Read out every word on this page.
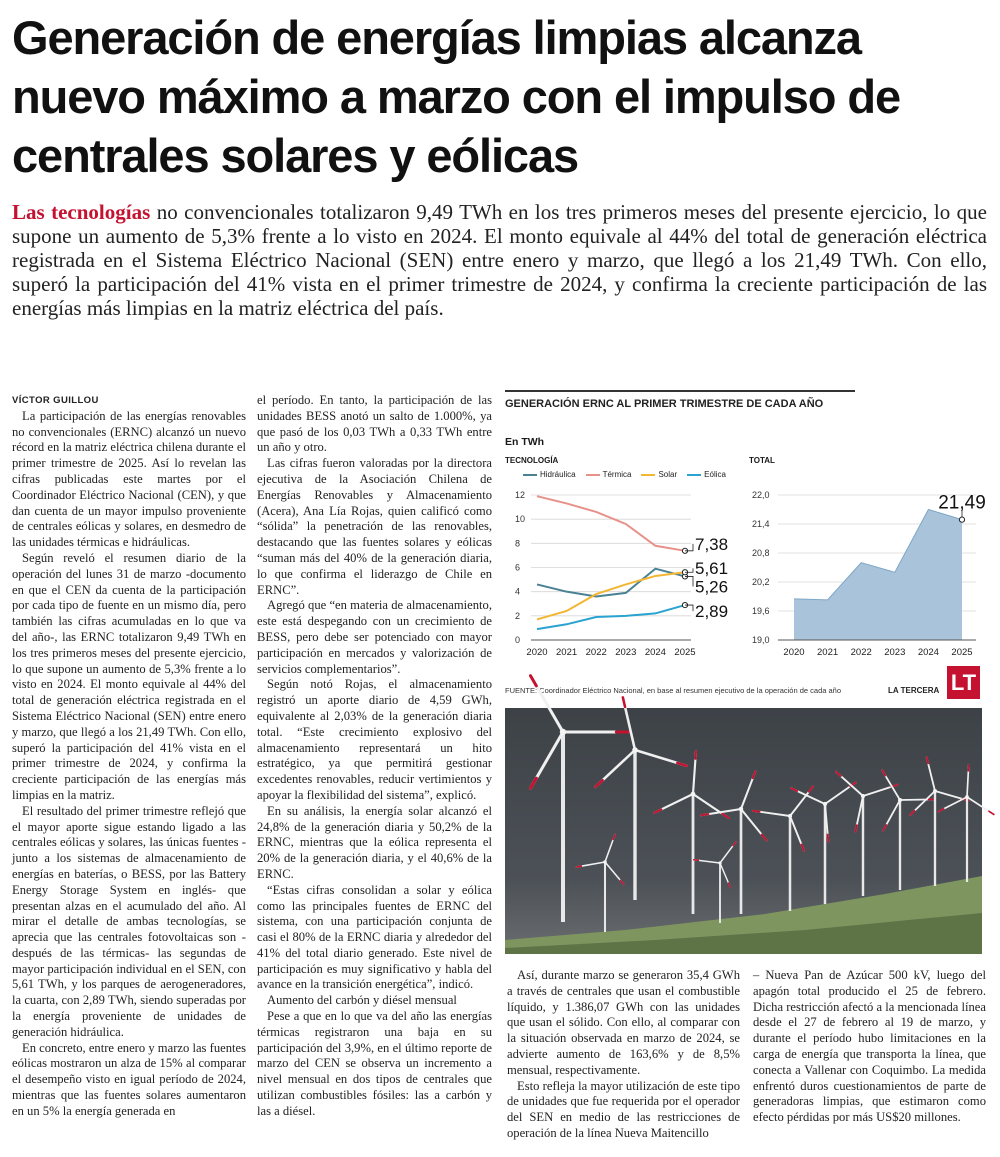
Generación de energías limpias alcanza nuevo máximo a marzo con el impulso de centrales solares y eólicas
Las tecnologías no convencionales totalizaron 9,49 TWh en los tres primeros meses del presente ejercicio, lo que supone un aumento de 5,3% frente a lo visto en 2024. El monto equivale al 44% del total de generación eléctrica registrada en el Sistema Eléctrico Nacional (SEN) entre enero y marzo, que llegó a los 21,49 TWh. Con ello, superó la participación del 41% vista en el primer trimestre de 2024, y confirma la creciente participación de las energías más limpias en la matriz eléctrica del país.

VÍCTOR GUILLOU

La participación de las energías renovables no convencionales (ERNC) alcanzó un nuevo récord en la matriz eléctrica chilena durante el primer trimestre de 2025. Así lo revelan las cifras publicadas este martes por el Coordinador Eléctrico Nacional (CEN), y que dan cuenta de un mayor impulso proveniente de centrales eólicas y solares, en desmedro de las unidades térmicas e hidráulicas.

Según reveló el resumen diario de la operación del lunes 31 de marzo -documento en que el CEN da cuenta de la participación por cada tipo de fuente en un mismo día, pero también las cifras acumuladas en lo que va del año-, las ERNC totalizaron 9,49 TWh en los tres primeros meses del presente ejercicio, lo que supone un aumento de 5,3% frente a lo visto en 2024. El monto equivale al 44% del total de generación eléctrica registrada en el Sistema Eléctrico Nacional (SEN) entre enero y marzo, que llegó a los 21,49 TWh. Con ello, superó la participación del 41% vista en el primer trimestre de 2024, y confirma la creciente participación de las energías más limpias en la matriz.

El resultado del primer trimestre reflejó que el mayor aporte sigue estando ligado a las centrales eólicas y solares, las únicas fuentes -junto a los sistemas de almacenamiento de energías en baterías, o BESS, por las Battery Energy Storage System en inglés- que presentan alzas en el acumulado del año. Al mirar el detalle de ambas tecnologías, se aprecia que las centrales fotovoltaicas son -después de las térmicas- las segundas de mayor participación individual en el SEN, con 5,61 TWh, y los parques de aerogeneradores, la cuarta, con 2,89 TWh, siendo superadas por la energía proveniente de unidades de generación hidráulica.

En concreto, entre enero y marzo las fuentes eólicas mostraron un alza de 15% al comparar el desempeño visto en igual período de 2024, mientras que las fuentes solares aumentaron en un 5% la energía generada en

el período. En tanto, la participación de las unidades BESS anotó un salto de 1.000%, ya que pasó de los 0,03 TWh a 0,33 TWh entre un año y otro.

Las cifras fueron valoradas por la directora ejecutiva de la Asociación Chilena de Energías Renovables y Almacenamiento (Acera), Ana Lía Rojas, quien calificó como “sólida” la penetración de las renovables, destacando que las fuentes solares y eólicas “suman más del 40% de la generación diaria, lo que confirma el liderazgo de Chile en ERNC”.

Agregó que “en materia de almacenamiento, este está despegando con un crecimiento de BESS, pero debe ser potenciado con mayor participación en mercados y valorización de servicios complementarios”.

Según notó Rojas, el almacenamiento registró un aporte diario de 4,59 GWh, equivalente al 2,03% de la generación diaria total. “Este crecimiento explosivo del almacenamiento representará un hito estratégico, ya que permitirá gestionar excedentes renovables, reducir vertimientos y apoyar la flexibilidad del sistema”, explicó.

En su análisis, la energía solar alcanzó el 24,8% de la generación diaria y 50,2% de la ERNC, mientras que la eólica representa el 20% de la generación diaria, y el 40,6% de la ERNC.

“Estas cifras consolidan a solar y eólica como las principales fuentes de ERNC del sistema, con una participación conjunta de casi el 80% de la ERNC diaria y alrededor del 41% del total diario generado. Este nivel de participación es muy significativo y habla del avance en la transición energética”, indicó.

Aumento del carbón y diésel mensual

Pese a que en lo que va del año las energías térmicas registraron una baja en su participación del 3,9%, en el último reporte de marzo del CEN se observa un incremento a nivel mensual en dos tipos de centrales que utilizan combustibles fósiles: las a carbón y las a diésel.

Así, durante marzo se generaron 35,4 GWh a través de centrales que usan el combustible líquido, y 1.386,07 GWh con las unidades que usan el sólido. Con ello, al comparar con la situación observada en marzo de 2024, se advierte aumento de 163,6% y de 8,5% mensual, respectivamente.

Esto refleja la mayor utilización de este tipo de unidades que fue requerida por el operador del SEN en medio de las restricciones de operación de la línea Nueva Maitencillo

– Nueva Pan de Azúcar 500 kV, luego del apagón total producido el 25 de febrero. Dicha restricción afectó a la mencionada línea desde el 27 de febrero al 19 de marzo, y durante el período hubo limitaciones en la carga de energía que transporta la línea, que conecta a Vallenar con Coquimbo. La medida enfrentó duros cuestionamientos de parte de generadoras limpias, que estimaron como efecto pérdidas por más US$20 millones.

GENERACIÓN ERNC AL PRIMER TRIMESTRE DE CADA AÑO
En TWh
TECNOLOGÍA	TOTAL
Hidráulica	Térmica	Solar	Eólica
0
2
4
6
8
10
12
2020 2021 2022 2023 2024 2025
7,38
5,61
5,26
2,89
19,0
19,6
20,2
20,8
21,4
22,0
2020 2021 2022 2023 2024 2025
21,49
LT
FUENTE: Coordinador Eléctrico Nacional, en base al resumen ejecutivo de la operación de cada año	LA TERCERA
